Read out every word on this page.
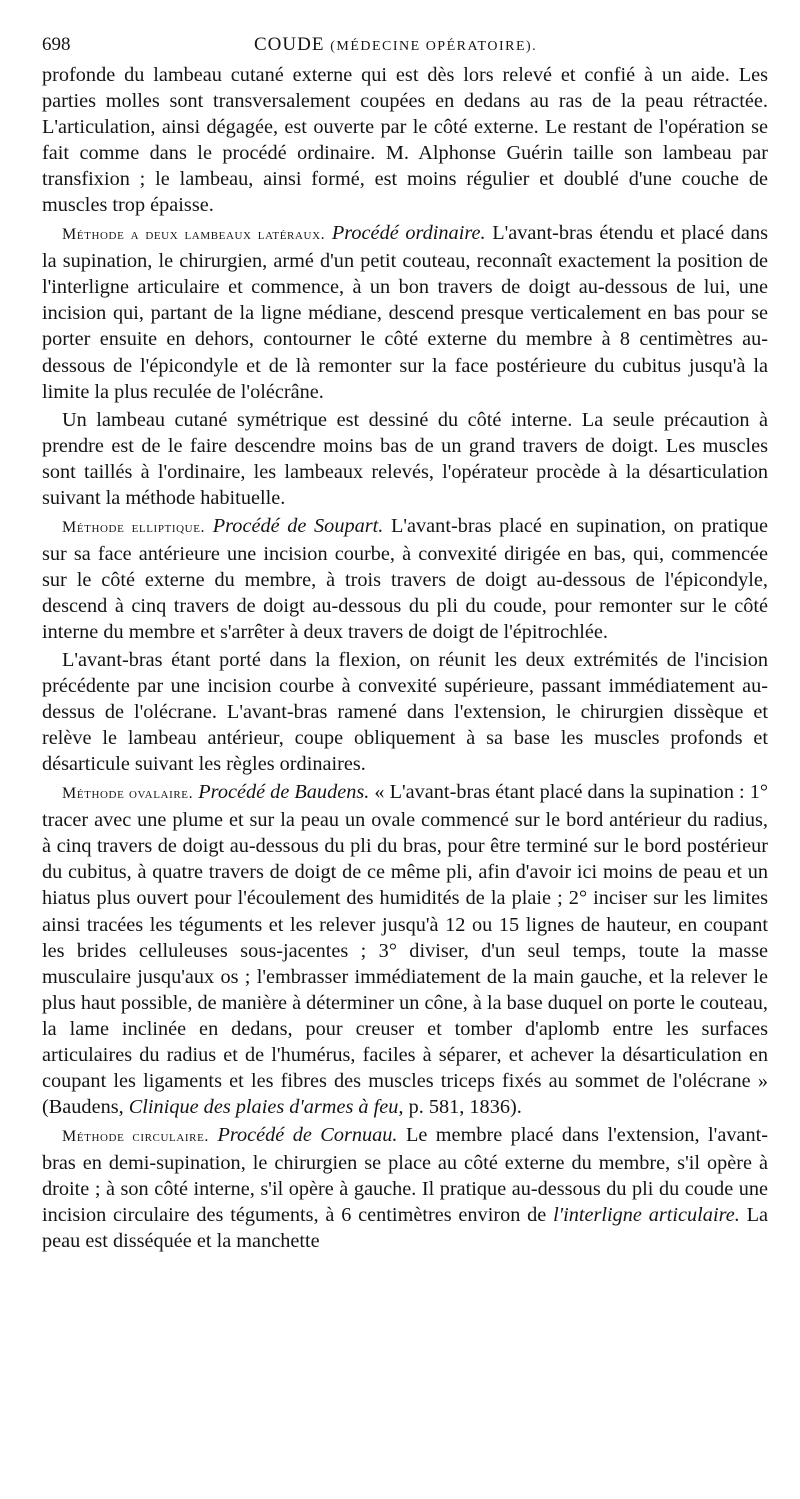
698	COUDE (MÉDECINE OPÉRATOIRE).

profonde du lambeau cutané externe qui est dès lors relevé et confié à un aide. Les parties molles sont transversalement coupées en dedans au ras de la peau rétractée. L'articulation, ainsi dégagée, est ouverte par le côté externe. Le restant de l'opération se fait comme dans le procédé ordinaire. M. Alphonse Guérin taille son lambeau par transfixion ; le lambeau, ainsi formé, est moins régulier et doublé d'une couche de muscles trop épaisse.

Méthode a deux lambeaux latéraux. Procédé ordinaire. L'avant-bras étendu et placé dans la supination, le chirurgien, armé d'un petit couteau, reconnaît exactement la position de l'interligne articulaire et commence, à un bon travers de doigt au-dessous de lui, une incision qui, partant de la ligne médiane, descend presque verticalement en bas pour se porter ensuite en dehors, contourner le côté externe du membre à 8 centimètres au-dessous de l'épicondyle et de là remonter sur la face postérieure du cubitus jusqu'à la limite la plus reculée de l'olécrâne.

Un lambeau cutané symétrique est dessiné du côté interne. La seule précaution à prendre est de le faire descendre moins bas de un grand travers de doigt. Les muscles sont taillés à l'ordinaire, les lambeaux relevés, l'opérateur procède à la désarticulation suivant la méthode habituelle.

Méthode elliptique. Procédé de Soupart. L'avant-bras placé en supination, on pratique sur sa face antérieure une incision courbe, à convexité dirigée en bas, qui, commencée sur le côté externe du membre, à trois travers de doigt au-dessous de l'épicondyle, descend à cinq travers de doigt au-dessous du pli du coude, pour remonter sur le côté interne du membre et s'arrêter à deux travers de doigt de l'épitrochlée.

L'avant-bras étant porté dans la flexion, on réunit les deux extrémités de l'incision précédente par une incision courbe à convexité supérieure, passant immédiatement au-dessus de l'olécrane. L'avant-bras ramené dans l'extension, le chirurgien dissèque et relève le lambeau antérieur, coupe obliquement à sa base les muscles profonds et désarticule suivant les règles ordinaires.

Méthode ovalaire. Procédé de Baudens. « L'avant-bras étant placé dans la supination : 1° tracer avec une plume et sur la peau un ovale commencé sur le bord antérieur du radius, à cinq travers de doigt au-dessous du pli du bras, pour être terminé sur le bord postérieur du cubitus, à quatre travers de doigt de ce même pli, afin d'avoir ici moins de peau et un hiatus plus ouvert pour l'écoulement des humidités de la plaie ; 2° inciser sur les limites ainsi tracées les téguments et les relever jusqu'à 12 ou 15 lignes de hauteur, en coupant les brides celluleuses sous-jacentes ; 3° diviser, d'un seul temps, toute la masse musculaire jusqu'aux os ; l'embrasser immédiatement de la main gauche, et la relever le plus haut possible, de manière à déterminer un cône, à la base duquel on porte le couteau, la lame inclinée en dedans, pour creuser et tomber d'aplomb entre les surfaces articulaires du radius et de l'humérus, faciles à séparer, et achever la désarticulation en coupant les ligaments et les fibres des muscles triceps fixés au sommet de l'olécrane » (Baudens, Clinique des plaies d'armes à feu, p. 581, 1836).

Méthode circulaire. Procédé de Cornuau. Le membre placé dans l'extension, l'avant-bras en demi-supination, le chirurgien se place au côté externe du membre, s'il opère à droite ; à son côté interne, s'il opère à gauche. Il pratique au-dessous du pli du coude une incision circulaire des téguments, à 6 centimètres environ de l'interligne articulaire. La peau est disséquée et la manchette
